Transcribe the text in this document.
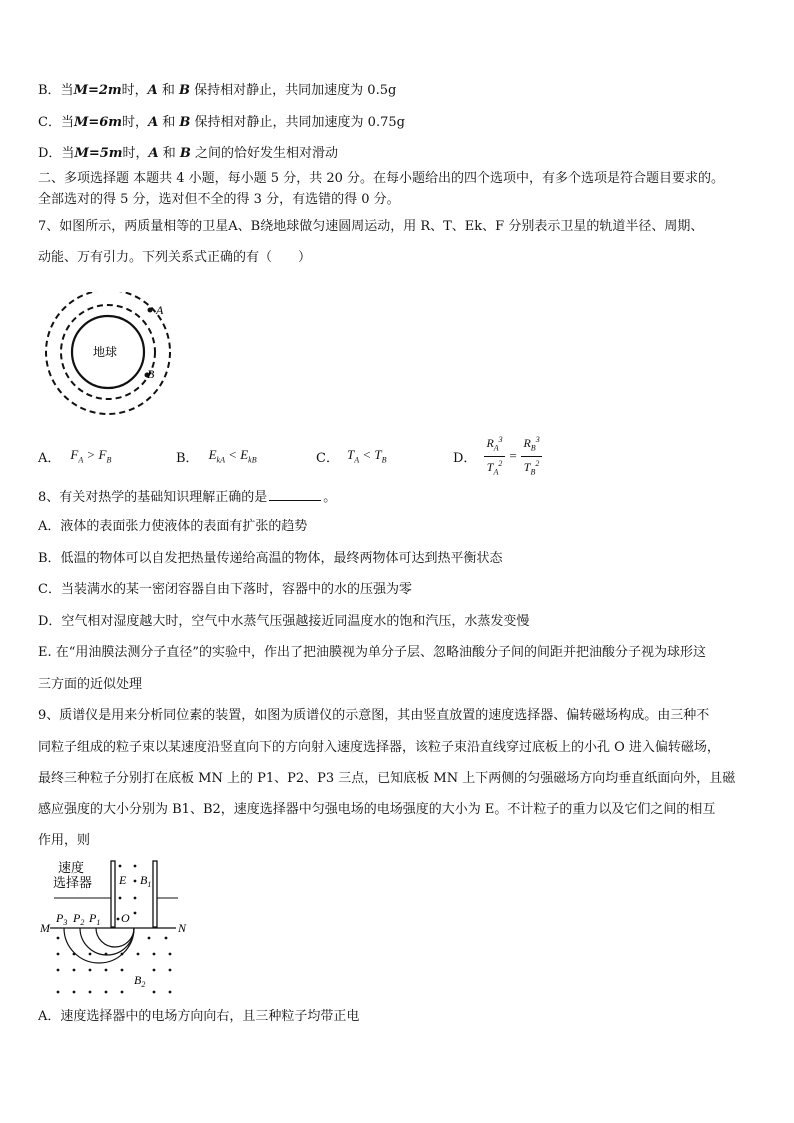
B．当M=2m时，A 和 B 保持相对静止，共同加速度为 0.5g
C．当M=6m时，A 和 B 保持相对静止，共同加速度为 0.75g
D．当M=5m时，A 和 B 之间的恰好发生相对滑动
二、多项选择题 本题共 4 小题，每小题 5 分，共 20 分。在每小题给出的四个选项中，有多个选项是符合题目要求的。
全部选对的得 5 分，选对但不全的得 3 分，有选错的得 0 分。
7、如图所示，两质量相等的卫星A、B绕地球做匀速圆周运动，用 R、T、Ek、F 分别表示卫星的轨道半径、周期、
动能、万有引力。下列关系式正确的有（　　）
地球
A
B
A． $F_A > F_B$	B． $E_{kA} < E_{kB}$	C． $T_A < T_B$	D． $\frac{R_A^3}{T_A^2} = \frac{R_B^3}{T_B^2}$
8、有关对热学的基础知识理解正确的是	。
A．液体的表面张力使液体的表面有扩张的趋势
B．低温的物体可以自发把热量传递给高温的物体，最终两物体可达到热平衡状态
C．当装满水的某一密闭容器自由下落时，容器中的水的压强为零
D．空气相对湿度越大时，空气中水蒸气压强越接近同温度水的饱和汽压，水蒸发变慢
E. 在“用油膜法测分子直径”的实验中，作出了把油膜视为单分子层、忽略油酸分子间的间距并把油酸分子视为球形这
三方面的近似处理
9、质谱仪是用来分析同位素的装置，如图为质谱仪的示意图，其由竖直放置的速度选择器、偏转磁场构成。由三种不
同粒子组成的粒子束以某速度沿竖直向下的方向射入速度选择器，该粒子束沿直线穿过底板上的小孔 O 进入偏转磁场，
最终三种粒子分别打在底板 MN 上的 P1、P2、P3 三点，已知底板 MN 上下两侧的匀强磁场方向均垂直纸面向外，且磁
感应强度的大小分别为 B1、B2，速度选择器中匀强电场的电场强度的大小为 E。不计粒子的重力以及它们之间的相互
作用，则
速度
选择器 E $B_1$
M	N
$P_3$ $P_2$ $P_1$ O
$B_2$
A．速度选择器中的电场方向向右，且三种粒子均带正电
